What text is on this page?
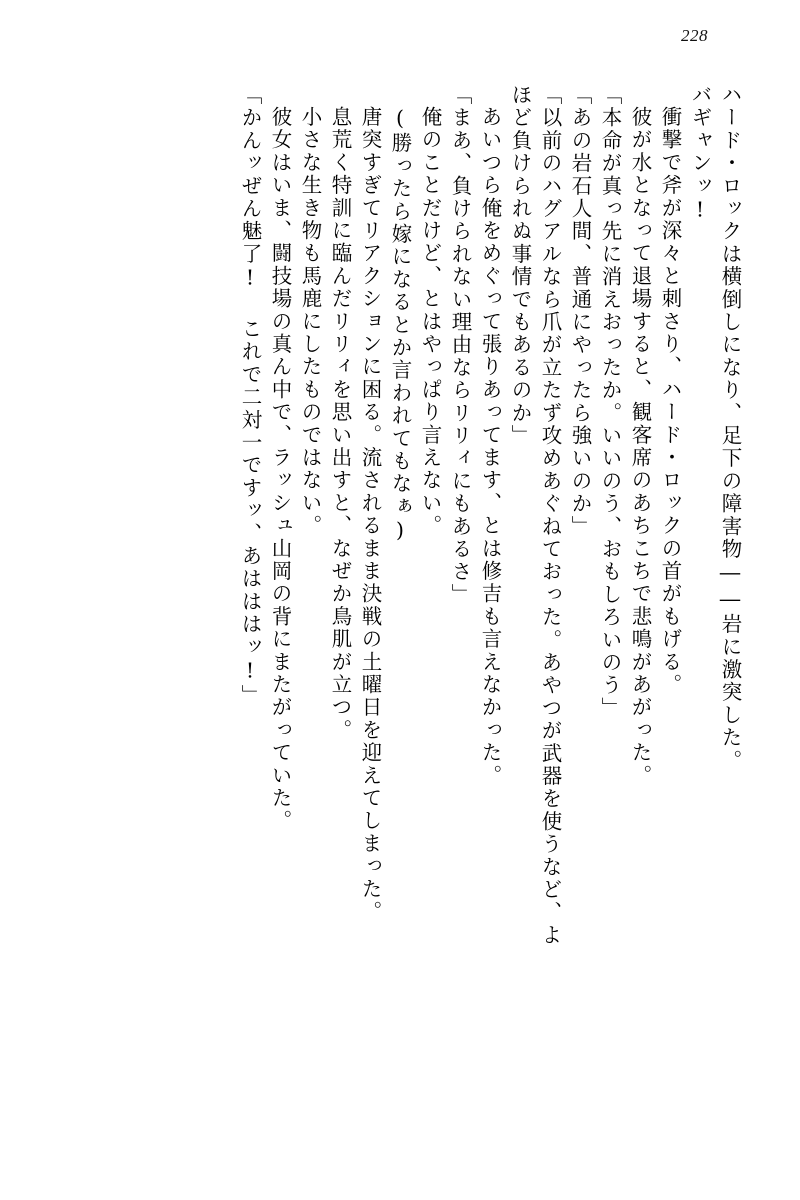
228
ハード・ロックは横倒しになり、足下の障害物――岩に激突した。
バギャンッ!
衝撃で斧が深々と刺さり、ハード・ロックの首がもげる。
彼が水となって退場すると、観客席のあちこちで悲鳴があがった。
「本命が真っ先に消えおったか。いいのう、おもしろいのう」
「あの岩石人間、普通にやったら強いのか」
「以前のハグアルなら爪が立たず攻めあぐねておった。あやつが武器を使うなど、よ
ほど負けられぬ事情でもあるのか」
あいつら俺をめぐって張りあってます、とは修吉も言えなかった。
「まあ、負けられない理由ならリリィにもあるさ」
俺のことだけど、とはやっぱり言えない。
(勝ったら嫁になるとか言われてもなぁ)
唐突すぎてリアクションに困る。流されるまま決戦の土曜日を迎えてしまった。
息荒く特訓に臨んだリリィを思い出すと、なぜか鳥肌が立つ。
小さな生き物も馬鹿にしたものではない。
彼女はいま、闘技場の真ん中で、ラッシュ山岡の背にまたがっていた。
「かんッぜん魅了! これで二対一ですッ、あはははッ!」
